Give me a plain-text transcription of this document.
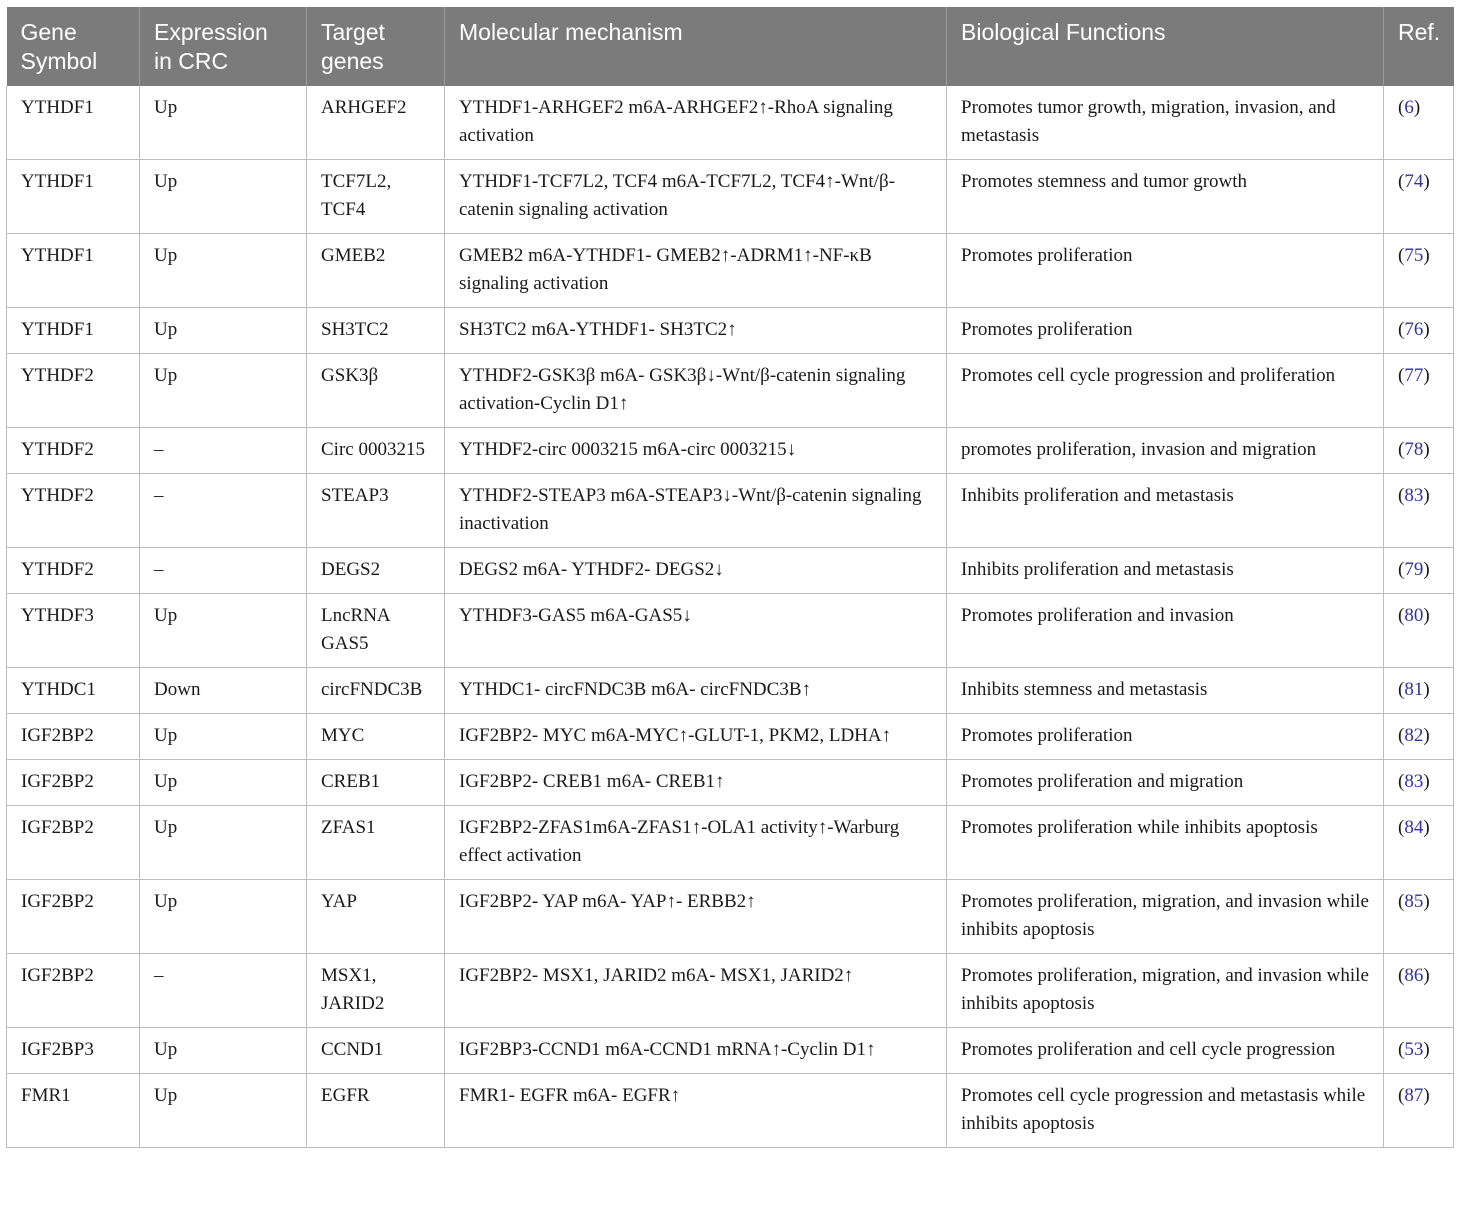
Gene Symbol	Expression in CRC	Target genes	Molecular mechanism	Biological Functions	Ref.
YTHDF1	Up	ARHGEF2	YTHDF1-ARHGEF2 m6A-ARHGEF2↑-RhoA signaling activation	Promotes tumor growth, migration, invasion, and metastasis	(6)
YTHDF1	Up	TCF7L2, TCF4	YTHDF1-TCF7L2, TCF4 m6A-TCF7L2, TCF4↑-Wnt/β-catenin signaling activation	Promotes stemness and tumor growth	(74)
YTHDF1	Up	GMEB2	GMEB2 m6A-YTHDF1- GMEB2↑-ADRM1↑-NF-κB signaling activation	Promotes proliferation	(75)
YTHDF1	Up	SH3TC2	SH3TC2 m6A-YTHDF1- SH3TC2↑	Promotes proliferation	(76)
YTHDF2	Up	GSK3β	YTHDF2-GSK3β m6A- GSK3β↓-Wnt/β-catenin signaling activation-Cyclin D1↑	Promotes cell cycle progression and proliferation	(77)
YTHDF2	–	Circ 0003215	YTHDF2-circ 0003215 m6A-circ 0003215↓	promotes proliferation, invasion and migration	(78)
YTHDF2	–	STEAP3	YTHDF2-STEAP3 m6A-STEAP3↓-Wnt/β-catenin signaling inactivation	Inhibits proliferation and metastasis	(83)
YTHDF2	–	DEGS2	DEGS2 m6A- YTHDF2- DEGS2↓	Inhibits proliferation and metastasis	(79)
YTHDF3	Up	LncRNA GAS5	YTHDF3-GAS5 m6A-GAS5↓	Promotes proliferation and invasion	(80)
YTHDC1	Down	circFNDC3B	YTHDC1- circFNDC3B m6A- circFNDC3B↑	Inhibits stemness and metastasis	(81)
IGF2BP2	Up	MYC	IGF2BP2- MYC m6A-MYC↑-GLUT-1, PKM2, LDHA↑	Promotes proliferation	(82)
IGF2BP2	Up	CREB1	IGF2BP2- CREB1 m6A- CREB1↑	Promotes proliferation and migration	(83)
IGF2BP2	Up	ZFAS1	IGF2BP2-ZFAS1m6A-ZFAS1↑-OLA1 activity↑-Warburg effect activation	Promotes proliferation while inhibits apoptosis	(84)
IGF2BP2	Up	YAP	IGF2BP2- YAP m6A- YAP↑- ERBB2↑	Promotes proliferation, migration, and invasion while inhibits apoptosis	(85)
IGF2BP2	–	MSX1, JARID2	IGF2BP2- MSX1, JARID2 m6A- MSX1, JARID2↑	Promotes proliferation, migration, and invasion while inhibits apoptosis	(86)
IGF2BP3	Up	CCND1	IGF2BP3-CCND1 m6A-CCND1 mRNA↑-Cyclin D1↑	Promotes proliferation and cell cycle progression	(53)
FMR1	Up	EGFR	FMR1- EGFR m6A- EGFR↑	Promotes cell cycle progression and metastasis while inhibits apoptosis	(87)
